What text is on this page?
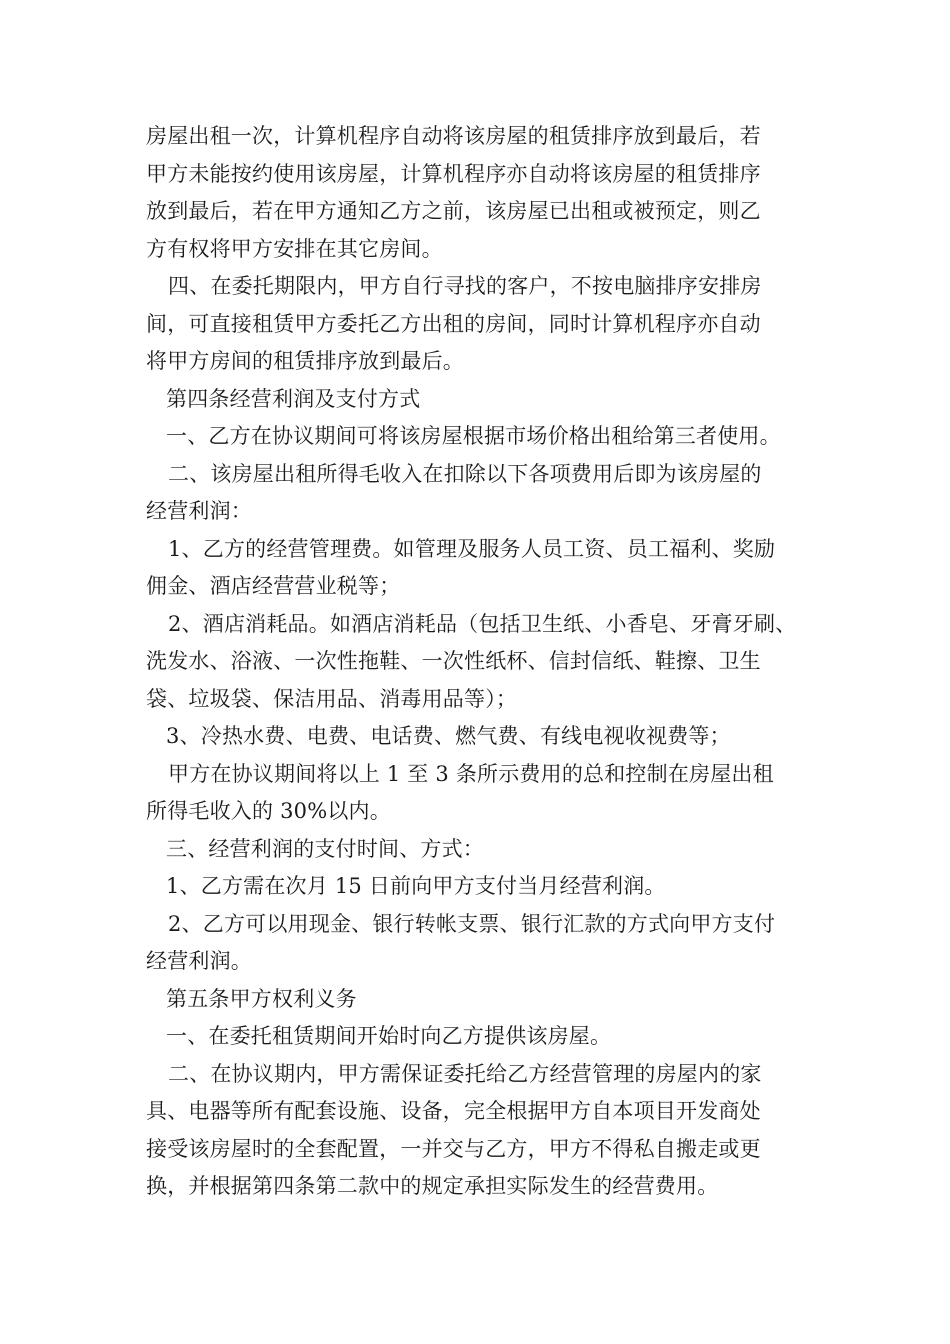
房屋出租一次，计算机程序自动将该房屋的租赁排序放到最后，若
甲方未能按约使用该房屋，计算机程序亦自动将该房屋的租赁排序
放到最后，若在甲方通知乙方之前，该房屋已出租或被预定，则乙
方有权将甲方安排在其它房间。
四、在委托期限内，甲方自行寻找的客户，不按电脑排序安排房
间，可直接租赁甲方委托乙方出租的房间，同时计算机程序亦自动
将甲方房间的租赁排序放到最后。
第四条经营利润及支付方式
一、乙方在协议期间可将该房屋根据市场价格出租给第三者使用。
二、该房屋出租所得毛收入在扣除以下各项费用后即为该房屋的
经营利润：
1、乙方的经营管理费。如管理及服务人员工资、员工福利、奖励
佣金、酒店经营营业税等；
2、酒店消耗品。如酒店消耗品（包括卫生纸、小香皂、牙膏牙刷、
洗发水、浴液、一次性拖鞋、一次性纸杯、信封信纸、鞋擦、卫生
袋、垃圾袋、保洁用品、消毒用品等）；
3、冷热水费、电费、电话费、燃气费、有线电视收视费等；
甲方在协议期间将以上 1 至 3 条所示费用的总和控制在房屋出租
所得毛收入的 30%以内。
三、经营利润的支付时间、方式：
1、乙方需在次月 15 日前向甲方支付当月经营利润。
2、乙方可以用现金、银行转帐支票、银行汇款的方式向甲方支付
经营利润。
第五条甲方权利义务
一、在委托租赁期间开始时向乙方提供该房屋。
二、在协议期内，甲方需保证委托给乙方经营管理的房屋内的家
具、电器等所有配套设施、设备，完全根据甲方自本项目开发商处
接受该房屋时的全套配置，一并交与乙方，甲方不得私自搬走或更
换，并根据第四条第二款中的规定承担实际发生的经营费用。
